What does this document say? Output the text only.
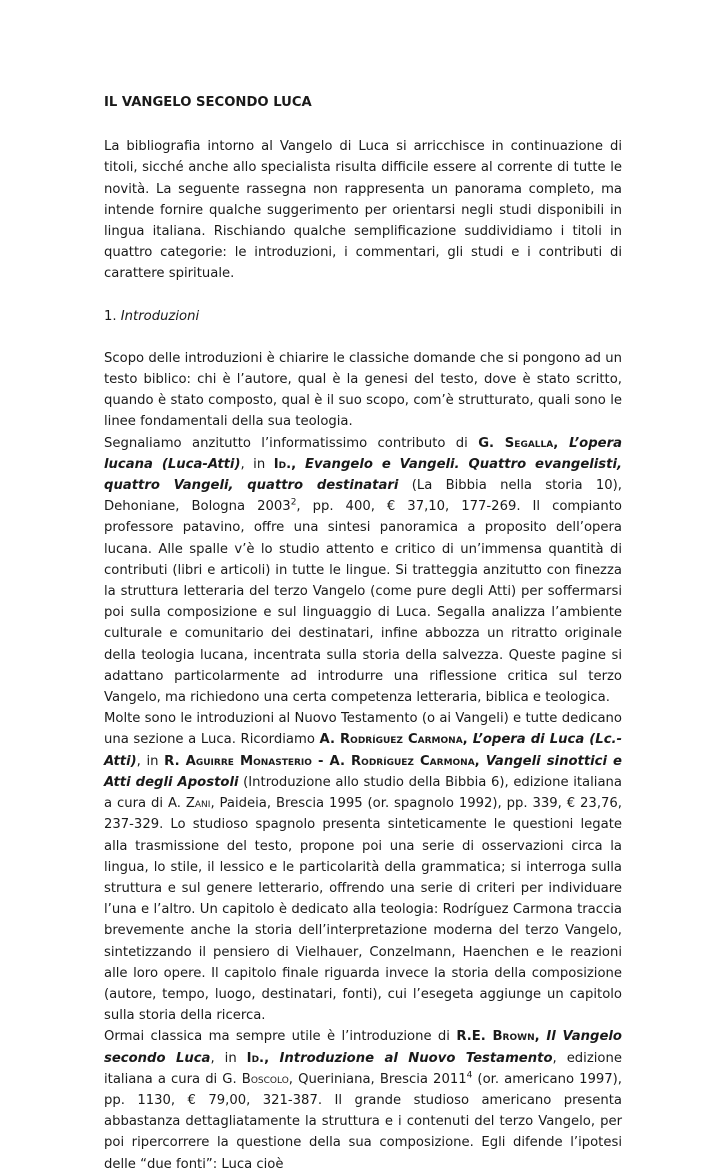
IL VANGELO SECONDO LUCA

La bibliografia intorno al Vangelo di Luca si arricchisce in continuazione di titoli, sicché anche allo specialista risulta difficile essere al corrente di tutte le novità. La seguente rassegna non rappresenta un panorama completo, ma intende fornire qualche suggerimento per orientarsi negli studi disponibili in lingua italiana. Rischiando qualche semplificazione suddividiamo i titoli in quattro categorie: le introduzioni, i commentari, gli studi e i contributi di carattere spirituale.

1. Introduzioni

Scopo delle introduzioni è chiarire le classiche domande che si pongono ad un testo biblico: chi è l’autore, qual è la genesi del testo, dove è stato scritto, quando è stato composto, qual è il suo scopo, com’è strutturato, quali sono le linee fondamentali della sua teologia.

Segnaliamo anzitutto l’informatissimo contributo di G. Segalla, L’opera lucana (Luca-Atti), in Id., Evangelo e Vangeli. Quattro evangelisti, quattro Vangeli, quattro destinatari (La Bibbia nella storia 10), Dehoniane, Bologna 2003$^2$, pp. 400, € 37,10, 177-269. Il compianto professore patavino, offre una sintesi panoramica a proposito dell’opera lucana. Alle spalle v’è lo studio attento e critico di un’immensa quantità di contributi (libri e articoli) in tutte le lingue. Si tratteggia anzitutto con finezza la struttura letteraria del terzo Vangelo (come pure degli Atti) per soffermarsi poi sulla composizione e sul linguaggio di Luca. Segalla analizza l’ambiente culturale e comunitario dei destinatari, infine abbozza un ritratto originale della teologia lucana, incentrata sulla storia della salvezza. Queste pagine si adattano particolarmente ad introdurre una riflessione critica sul terzo Vangelo, ma richiedono una certa competenza letteraria, biblica e teologica.

Molte sono le introduzioni al Nuovo Testamento (o ai Vangeli) e tutte dedicano una sezione a Luca. Ricordiamo A. Rodríguez Carmona, L’opera di Luca (Lc.-Atti), in R. Aguirre Monasterio - A. Rodríguez Carmona, Vangeli sinottici e Atti degli Apostoli (Introduzione allo studio della Bibbia 6), edizione italiana a cura di A. Zani, Paideia, Brescia 1995 (or. spagnolo 1992), pp. 339, € 23,76, 237-329. Lo studioso spagnolo presenta sinteticamente le questioni legate alla trasmissione del testo, propone poi una serie di osservazioni circa la lingua, lo stile, il lessico e le particolarità della grammatica; si interroga sulla struttura e sul genere letterario, offrendo una serie di criteri per individuare l’una e l’altro. Un capitolo è dedicato alla teologia: Rodríguez Carmona traccia brevemente anche la storia dell’interpretazione moderna del terzo Vangelo, sintetizzando il pensiero di Vielhauer, Conzelmann, Haenchen e le reazioni alle loro opere. Il capitolo finale riguarda invece la storia della composizione (autore, tempo, luogo, destinatari, fonti), cui l’esegeta aggiunge un capitolo sulla storia della ricerca.

Ormai classica ma sempre utile è l’introduzione di R.E. Brown, Il Vangelo secondo Luca, in Id., Introduzione al Nuovo Testamento, edizione italiana a cura di G. Boscolo, Queriniana, Brescia 2011$^4$ (or. americano 1997), pp. 1130, € 79,00, 321-387. Il grande studioso americano presenta abbastanza dettagliatamente la struttura e i contenuti del terzo Vangelo, per poi ripercorrere la questione della sua composizione. Egli difende l’ipotesi delle “due fonti”: Luca cioè
